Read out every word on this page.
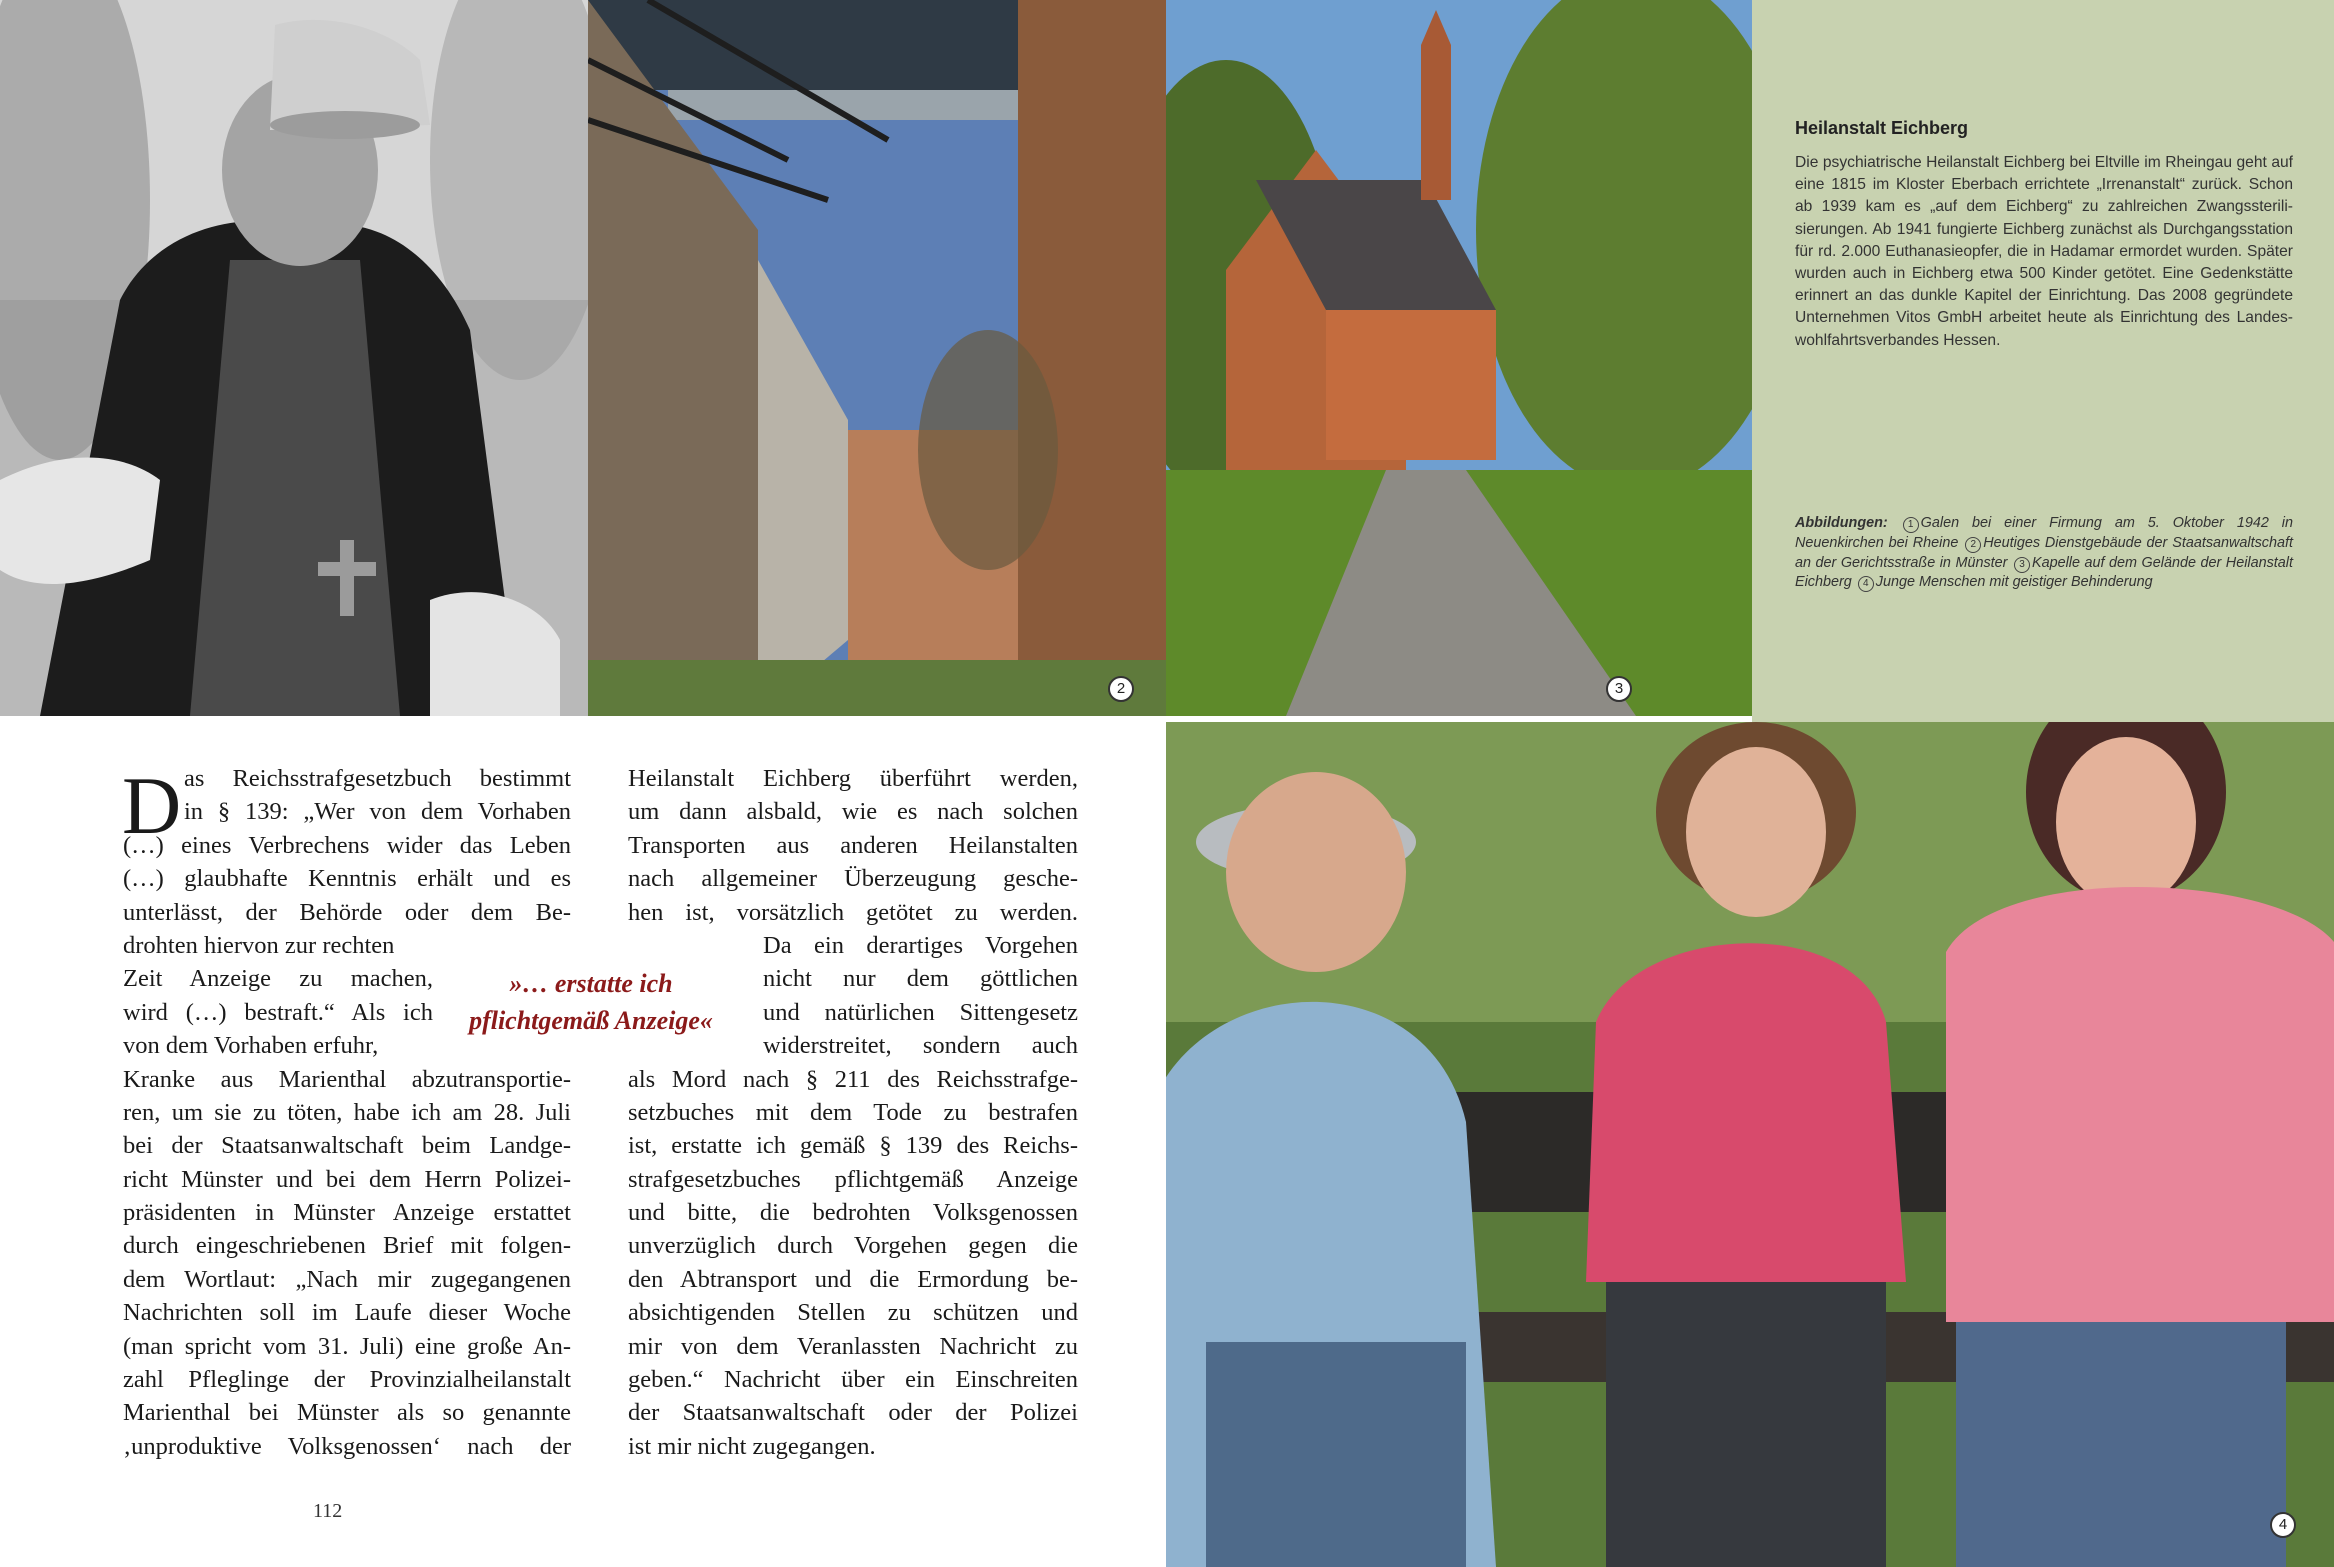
2	3
Heilanstalt Eichberg
Die psychiatrische Heilanstalt Eichberg bei Eltville im Rheingau geht auf eine 1815 im Kloster Eberbach errichtete „Irrenanstalt“ zurück. Schon ab 1939 kam es „auf dem Eichberg“ zu zahlreichen Zwangssterilisierungen. Ab 1941 fungierte Eichberg zunächst als Durchgangsstation für rd. 2.000 Euthanasieopfer, die in Hadamar ermordet wurden. Später wurden auch in Eichberg etwa 500 Kinder getötet. Eine Gedenkstätte erinnert an das dunkle Kapitel der Einrichtung. Das 2008 gegründete Unternehmen Vitos GmbH arbeitet heute als Einrichtung des Landeswohlfahrtsverbandes Hessen.
Abbildungen: 1 Galen bei einer Firmung am 5. Oktober 1942 in Neuenkirchen bei Rheine 2 Heutiges Dienstgebäude der Staatsanwaltschaft an der Gerichtsstraße in Münster 3 Kapelle auf dem Gelände der Heilanstalt Eichberg 4 Junge Menschen mit geistiger Behinderung
4
D as Reichsstrafgesetzbuch bestimmt
in § 139: „Wer von dem Vorhaben
(…) eines Verbrechens wider das Leben
(…) glaubhafte Kenntnis erhält und es
unterlässt, der Behörde oder dem Be-
drohten hiervon zur rechten
Zeit Anzeige zu machen,
wird (…) bestraft.“ Als ich
von dem Vorhaben erfuhr,
Kranke aus Marienthal abzutransportie-
ren, um sie zu töten, habe ich am 28. Juli
bei der Staatsanwaltschaft beim Landge-
richt Münster und bei dem Herrn Polizei-
präsidenten in Münster Anzeige erstattet
durch eingeschriebenen Brief mit folgen-
dem Wortlaut: „Nach mir zugegangenen
Nachrichten soll im Laufe dieser Woche
(man spricht vom 31. Juli) eine große An-
zahl Pfleglinge der Provinzialheilanstalt
Marienthal bei Münster als so genannte
‚unproduktive Volksgenossen‘ nach der
Heilanstalt Eichberg überführt werden,
um dann alsbald, wie es nach solchen
Transporten aus anderen Heilanstalten
nach allgemeiner Überzeugung gesche-
hen ist, vorsätzlich getötet zu werden.
Da ein derartiges Vorgehen
nicht nur dem göttlichen
und natürlichen Sittengesetz
widerstreitet, sondern auch
als Mord nach § 211 des Reichsstrafge-
setzbuches mit dem Tode zu bestrafen
ist, erstatte ich gemäß § 139 des Reichs-
strafgesetzbuches pflichtgemäß Anzeige
und bitte, die bedrohten Volksgenossen
unverzüglich durch Vorgehen gegen die
den Abtransport und die Ermordung be-
absichtigenden Stellen zu schützen und
mir von dem Veranlassten Nachricht zu
geben.“ Nachricht über ein Einschreiten
der Staatsanwaltschaft oder der Polizei
ist mir nicht zugegangen.
»… erstatte ich
pflichtgemäß Anzeige«
112
